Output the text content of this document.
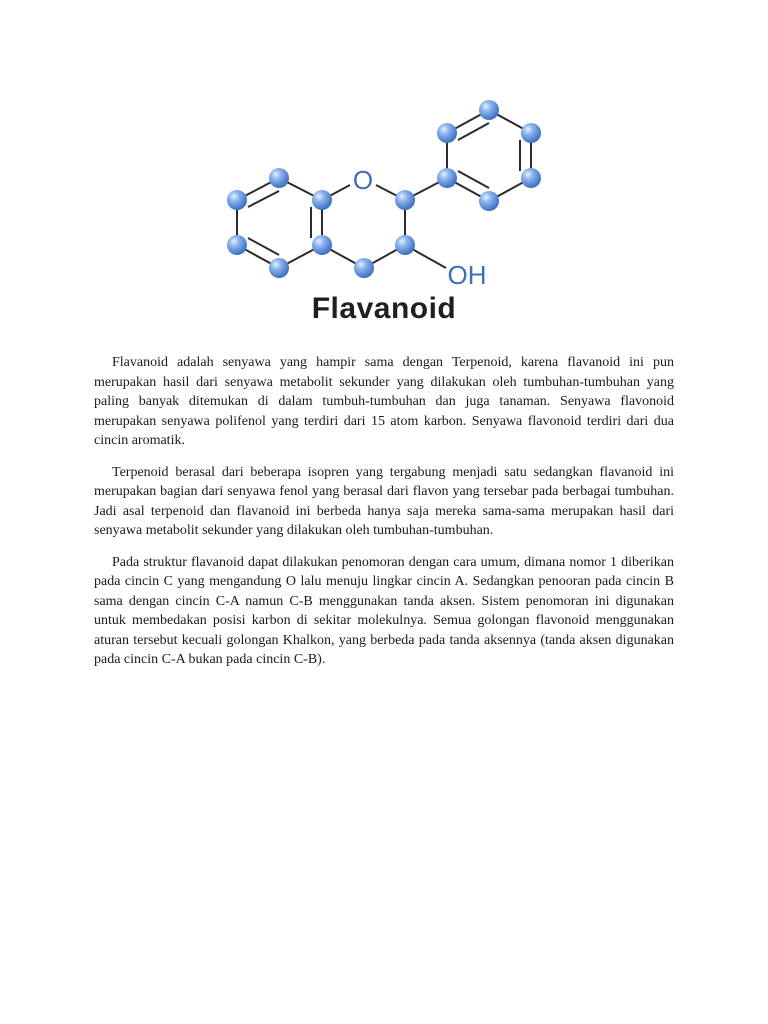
O
OH
Flavanoid

Flavanoid adalah senyawa yang hampir sama dengan Terpenoid, karena flavanoid ini pun merupakan hasil dari senyawa metabolit sekunder yang dilakukan oleh tumbuhan-tumbuhan yang paling banyak ditemukan di dalam tumbuh-tumbuhan dan juga tanaman. Senyawa flavonoid merupakan senyawa polifenol yang terdiri dari 15 atom karbon. Senyawa flavonoid terdiri dari dua cincin aromatik.

Terpenoid berasal dari beberapa isopren yang tergabung menjadi satu sedangkan flavanoid ini merupakan bagian dari senyawa fenol yang berasal dari flavon yang tersebar pada berbagai tumbuhan. Jadi asal terpenoid dan flavanoid ini berbeda hanya saja mereka sama-sama merupakan hasil dari senyawa metabolit sekunder yang dilakukan oleh tumbuhan-tumbuhan.

Pada struktur flavanoid dapat dilakukan penomoran dengan cara umum, dimana nomor 1 diberikan pada cincin C yang mengandung O lalu menuju lingkar cincin A. Sedangkan penooran pada cincin B sama dengan cincin C-A namun C-B menggunakan tanda aksen. Sistem penomoran ini digunakan untuk membedakan posisi karbon di sekitar molekulnya. Semua golongan flavonoid menggunakan aturan tersebut kecuali golongan Khalkon, yang berbeda pada tanda aksennya (tanda aksen digunakan pada cincin C-A bukan pada cincin C-B).
